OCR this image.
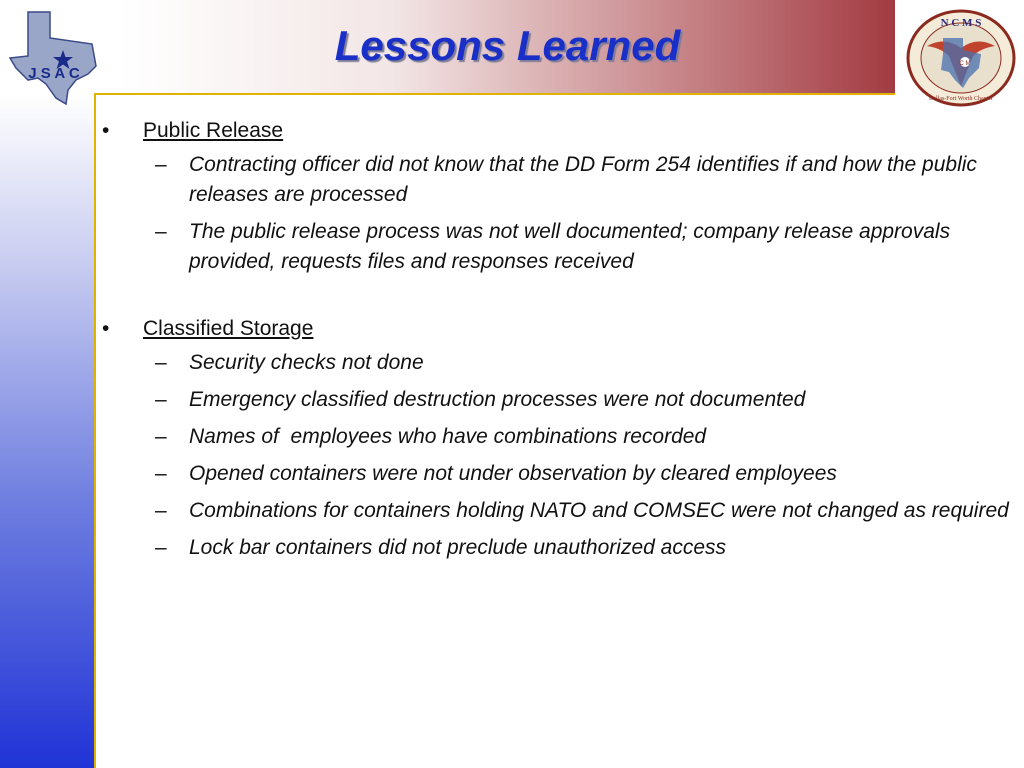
J S A C
N C M S
Dallas-Fort Worth Chapter
C M
Lessons Learned
•	Public Release
– Contracting officer did not know that the DD Form 254 identifies if and how the public releases are processed
– The public release process was not well documented; company release approvals provided, requests files and responses received
•	Classified Storage
– Security checks not done
– Emergency classified destruction processes were not documented
– Names of  employees who have combinations recorded
– Opened containers were not under observation by cleared employees
– Combinations for containers holding NATO and COMSEC were not changed as required
– Lock bar containers did not preclude unauthorized access
